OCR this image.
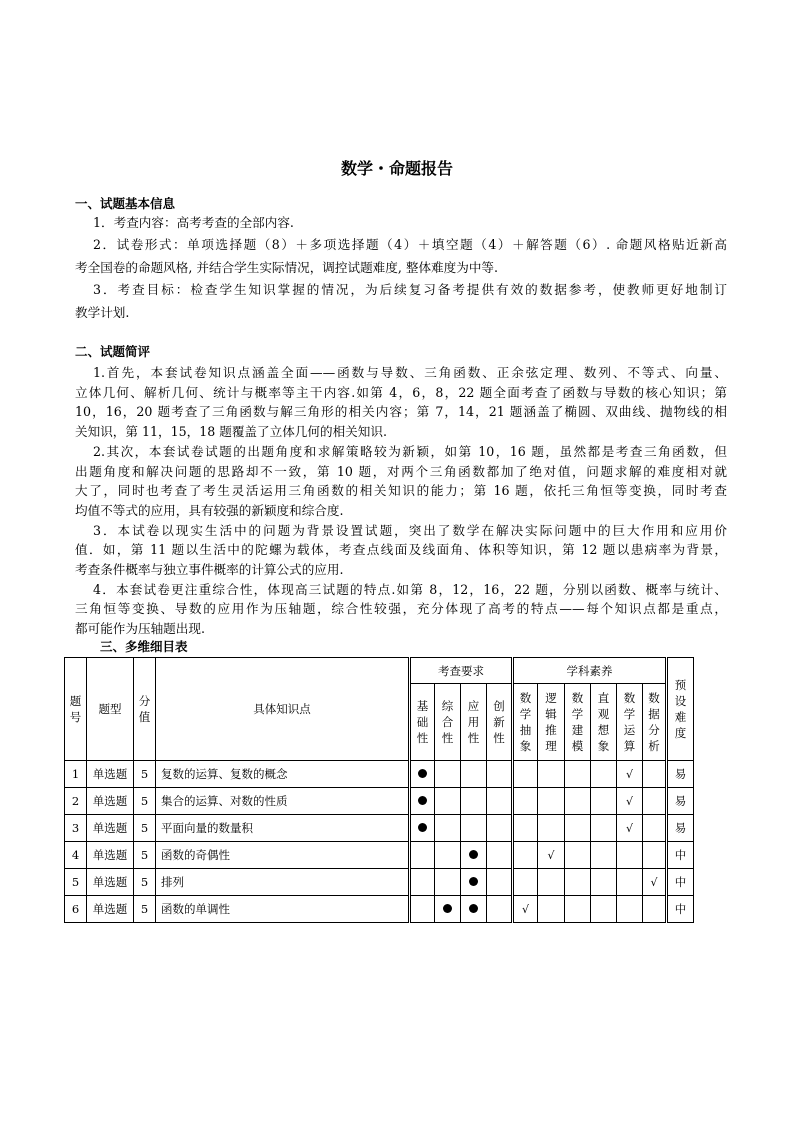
数学・命题报告
一、试题基本信息
1．考查内容：高考考查的全部内容.
2．试卷形式：单项选择题（8）＋多项选择题（4）＋填空题（4）＋解答题（6）. 命题风格贴近新高
考全国卷的命题风格, 并结合学生实际情况，调控试题难度, 整体难度为中等.
3．考查目标：检查学生知识掌握的情况，为后续复习备考提供有效的数据参考，使教师更好地制订
教学计划.
二、试题简评
1.首先，本套试卷知识点涵盖全面——函数与导数、三角函数、正余弦定理、数列、不等式、向量、
立体几何、解析几何、统计与概率等主干内容.如第 4，6，8，22 题全面考查了函数与导数的核心知识；第
10，16，20 题考查了三角函数与解三角形的相关内容；第 7，14，21 题涵盖了椭圆、双曲线、抛物线的相
关知识，第 11，15，18 题覆盖了立体几何的相关知识.
2.其次，本套试卷试题的出题角度和求解策略较为新颖，如第 10，16 题，虽然都是考查三角函数，但
出题角度和解决问题的思路却不一致，第 10 题，对两个三角函数都加了绝对值，问题求解的难度相对就
大了，同时也考查了考生灵活运用三角函数的相关知识的能力；第 16 题，依托三角恒等变换，同时考查
均值不等式的应用，具有较强的新颖度和综合度.
3．本试卷以现实生活中的问题为背景设置试题，突出了数学在解决实际问题中的巨大作用和应用价
值．如，第 11 题以生活中的陀螺为载体，考查点线面及线面角、体积等知识，第 12 题以患病率为背景，
考查条件概率与独立事件概率的计算公式的应用.
4．本套试卷更注重综合性，体现高三试题的特点.如第 8，12，16，22 题，分别以函数、概率与统计、
三角恒等变换、导数的应用作为压轴题，综合性较强，充分体现了高考的特点——每个知识点都是重点，
都可能作为压轴题出现.
三、多维细目表
题号	题型	分值	具体知识点	考查要求				学科素养						预设难度
				基础性	综合性	应用性	创新性	数学抽象	逻辑推理	数学建模	直观想象	数学运算	数据分析	
1	单选题	5	复数的运算、复数的概念									√		易
2	单选题	5	集合的运算、对数的性质									√		易
3	单选题	5	平面向量的数量积									√		易
4	单选题	5	函数的奇偶性						√					中
5	单选题	5	排列										√	中
6	单选题	5	函数的单调性					√						中
